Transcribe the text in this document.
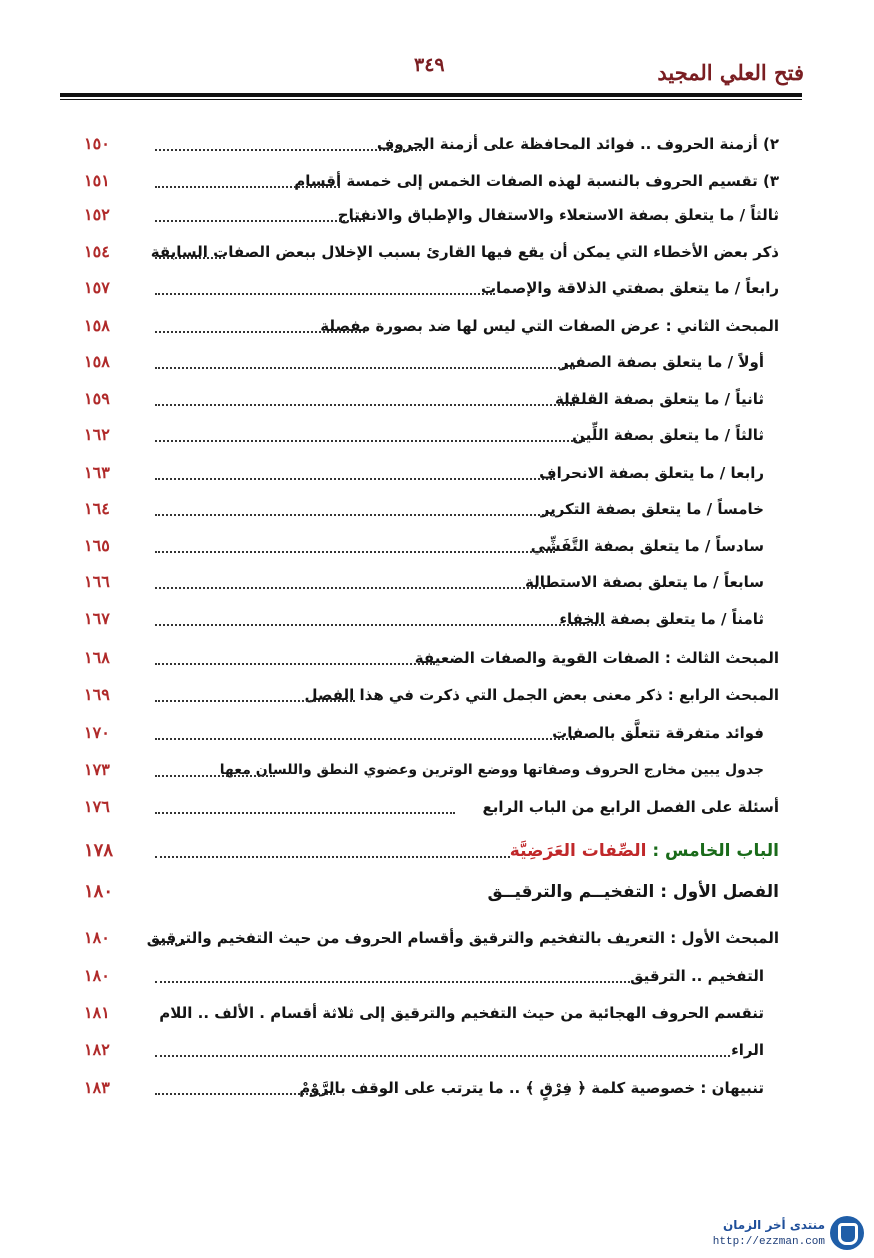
فتح العلي المجيد
٣٤٩
٢) أزمنة الحروف .. فوائد المحافظة على أزمنة الحروف
١٥٠
٣) تقسيم الحروف بالنسبة لهذه الصفات الخمس إلى خمسة أقسام
١٥١
ثالثاً / ما يتعلق بصفة الاستعلاء والاستفال والإطباق والانفتاح
١٥٢
ذكر بعض الأخطاء التي يمكن أن يقع فيها القارئ بسبب الإخلال ببعض الصفات السابقة
١٥٤
رابعاً / ما يتعلق بصفتي الذلاقة والإصمات
١٥٧
المبحث الثاني : عرض الصفات التي ليس لها ضد بصورة مفصلة
١٥٨
أولاً / ما يتعلق بصفة الصفير
١٥٨
ثانياً / ما يتعلق بصفة القلقلة
١٥٩
ثالثاً / ما يتعلق بصفة اللِّين
١٦٢
رابعا / ما يتعلق بصفة الانحراف
١٦٣
خامساً / ما يتعلق بصفة التكرير
١٦٤
سادساً / ما يتعلق بصفة التَّفَشِّي
١٦٥
سابعاً / ما يتعلق بصفة الاستطالة
١٦٦
ثامناً / ما يتعلق بصفة الخفاء
١٦٧
المبحث الثالث : الصفات القوية والصفات الضعيفة
١٦٨
المبحث الرابع : ذكر معنى بعض الجمل التي ذكرت في هذا الفصل
١٦٩
فوائد متفرقة تتعلَّق بالصفات
١٧٠
جدول يبين مخارج الحروف وصفاتها ووضع الوترين وعضوي النطق واللسان معها
١٧٣
أسئلة على الفصل الرابع من الباب الرابع
١٧٦
الباب الخامس : الصِّفات العَرَضِيَّة
١٧٨
الفصل الأول : التفخيــم والترقيــق
١٨٠
المبحث الأول : التعريف بالتفخيم والترقيق وأقسام الحروف من حيث التفخيم والترقيق
١٨٠
التفخيم .. الترقيق
١٨٠
تنقسم الحروف الهجائية من حيث التفخيم والترقيق إلى ثلاثة أقسام . الألف .. اللام
١٨١
الراء
١٨٢
تنبيهان : خصوصية كلمة ﴿ فِرْقٍ ﴾ .. ما يترتب على الوقف بالرَّوْمْ
١٨٣
منتدى أخر الزمان
http://ezzman.com
